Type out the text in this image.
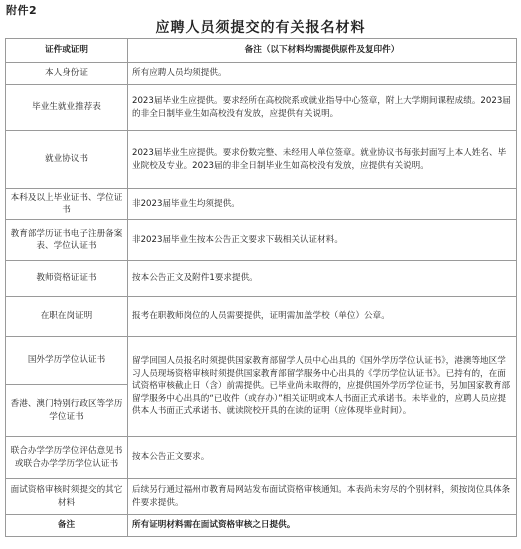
附件2
应聘人员须提交的有关报名材料
证件或证明	备注（以下材料均需提供原件及复印件）
本人身份证	所有应聘人员均须提供。
毕业生就业推荐表	2023届毕业生应提供。要求经所在高校院系或就业指导中心签章，附上大学期间课程成绩。2023届的非全日制毕业生如高校没有发放，应提供有关说明。
就业协议书	2023届毕业生应提供。要求份数完整、未经用人单位签章。就业协议书每张封面写上本人姓名、毕业院校及专业。2023届的非全日制毕业生如高校没有发放，应提供有关说明。
本科及以上毕业证书、学位证书	非2023届毕业生均须提供。
教育部学历证书电子注册备案表、学位认证书	非2023届毕业生按本公告正文要求下载相关认证材料。
教师资格证证书	按本公告正文及附件1要求提供。
在职在岗证明	报考在职教师岗位的人员需要提供，证明需加盖学校（单位）公章。
国外学历学位认证书	留学回国人员报名时须提供国家教育部留学人员中心出具的《国外学历学位认证书》，港澳等地区学习人员现场资格审核时须提供国家教育部留学服务中心出具的《学历学位认证书》。已持有的，在面试资格审核截止日（含）前需提供。已毕业尚未取得的，应提供国外学历学位证书，另加国家教育部留学服务中心出具的“已收件（或存办）”相关证明或本人书面正式承诺书。未毕业的，应聘人员应提供本人书面正式承诺书、就读院校开具的在读的证明（应体现毕业时间）。
香港、澳门特别行政区等学历学位证书	
联合办学学历学位评估意见书或联合办学学历学位认证书	按本公告正文要求。
面试资格审核时须提交的其它材料	后续另行通过福州市教育局网站发布面试资格审核通知。本表尚未穷尽的个别材料，须按岗位具体条件要求提供。
备注	所有证明材料需在面试资格审核之日提供。
